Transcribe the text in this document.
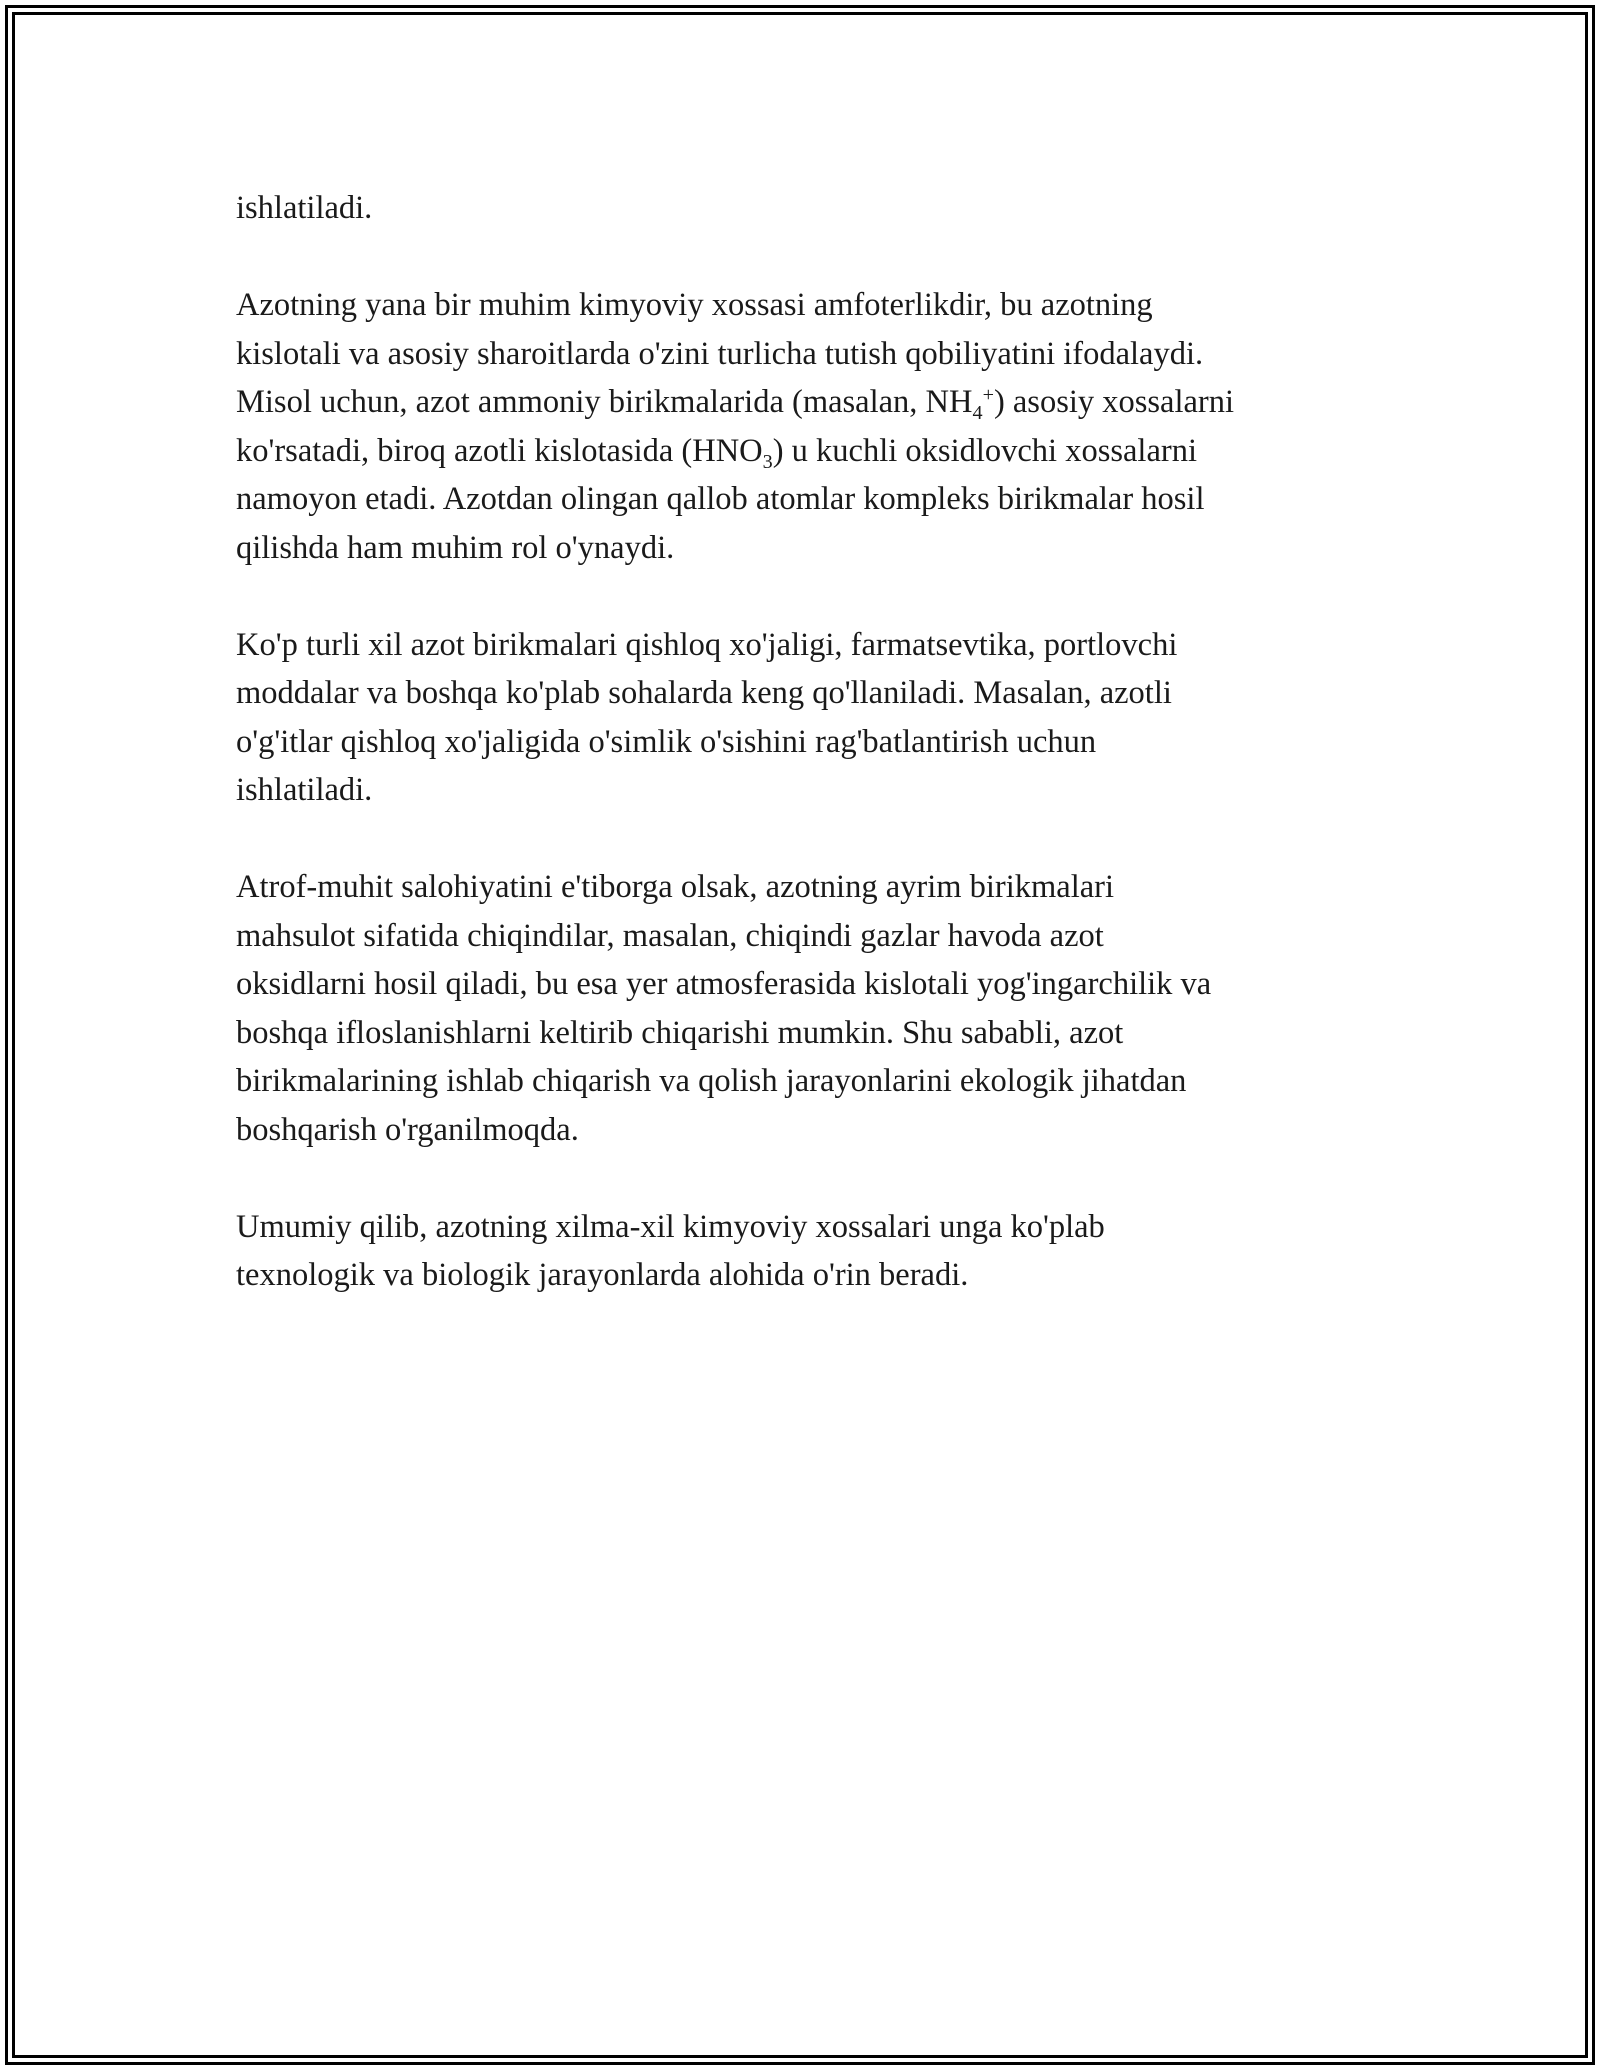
ishlatiladi.

Azotning yana bir muhim kimyoviy xossasi amfoterlikdir, bu azotning
kislotali va asosiy sharoitlarda o'zini turlicha tutish qobiliyatini ifodalaydi.
Misol uchun, azot ammoniy birikmalarida (masalan, $NH_4^+$) asosiy xossalarni
ko'rsatadi, biroq azotli kislotasida $(HNO_3)$ u kuchli oksidlovchi xossalarni
namoyon etadi. Azotdan olingan qallob atomlar kompleks birikmalar hosil
qilishda ham muhim rol o'ynaydi.

Ko'p turli xil azot birikmalari qishloq xo'jaligi, farmatsevtika, portlovchi
moddalar va boshqa ko'plab sohalarda keng qo'llaniladi. Masalan, azotli
o'g'itlar qishloq xo'jaligida o'simlik o'sishini rag'batlantirish uchun
ishlatiladi.

Atrof-muhit salohiyatini e'tiborga olsak, azotning ayrim birikmalari
mahsulot sifatida chiqindilar, masalan, chiqindi gazlar havoda azot
oksidlarni hosil qiladi, bu esa yer atmosferasida kislotali yog'ingarchilik va
boshqa ifloslanishlarni keltirib chiqarishi mumkin. Shu sababli, azot
birikmalarining ishlab chiqarish va qolish jarayonlarini ekologik jihatdan
boshqarish o'rganilmoqda.

Umumiy qilib, azotning xilma-xil kimyoviy xossalari unga ko'plab
texnologik va biologik jarayonlarda alohida o'rin beradi.
